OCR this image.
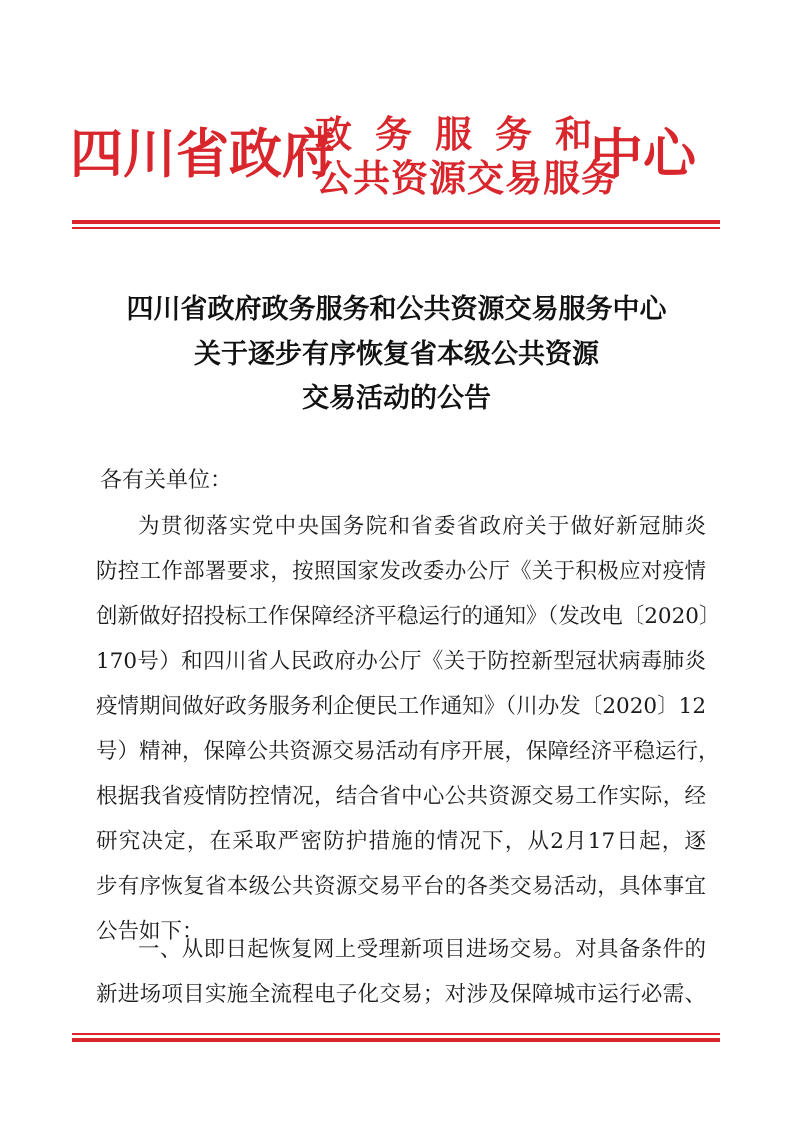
四川省政府
政务服务和
公共资源交易服务
中心
四川省政府政务服务和公共资源交易服务中心
关于逐步有序恢复省本级公共资源
交易活动的公告
各有关单位：
为贯彻落实党中央国务院和省委省政府关于做好新冠肺炎
防控工作部署要求，按照国家发改委办公厅《关于积极应对疫情
创新做好招投标工作保障经济平稳运行的通知》（发改电〔2020〕
170号）和四川省人民政府办公厅《关于防控新型冠状病毒肺炎
疫情期间做好政务服务利企便民工作通知》（川办发〔2020〕12
号）精神，保障公共资源交易活动有序开展，保障经济平稳运行，
根据我省疫情防控情况，结合省中心公共资源交易工作实际，经
研究决定，在采取严密防护措施的情况下，从2月17日起，逐
步有序恢复省本级公共资源交易平台的各类交易活动，具体事宜
公告如下：
一、从即日起恢复网上受理新项目进场交易。对具备条件的
新进场项目实施全流程电子化交易；对涉及保障城市运行必需、
